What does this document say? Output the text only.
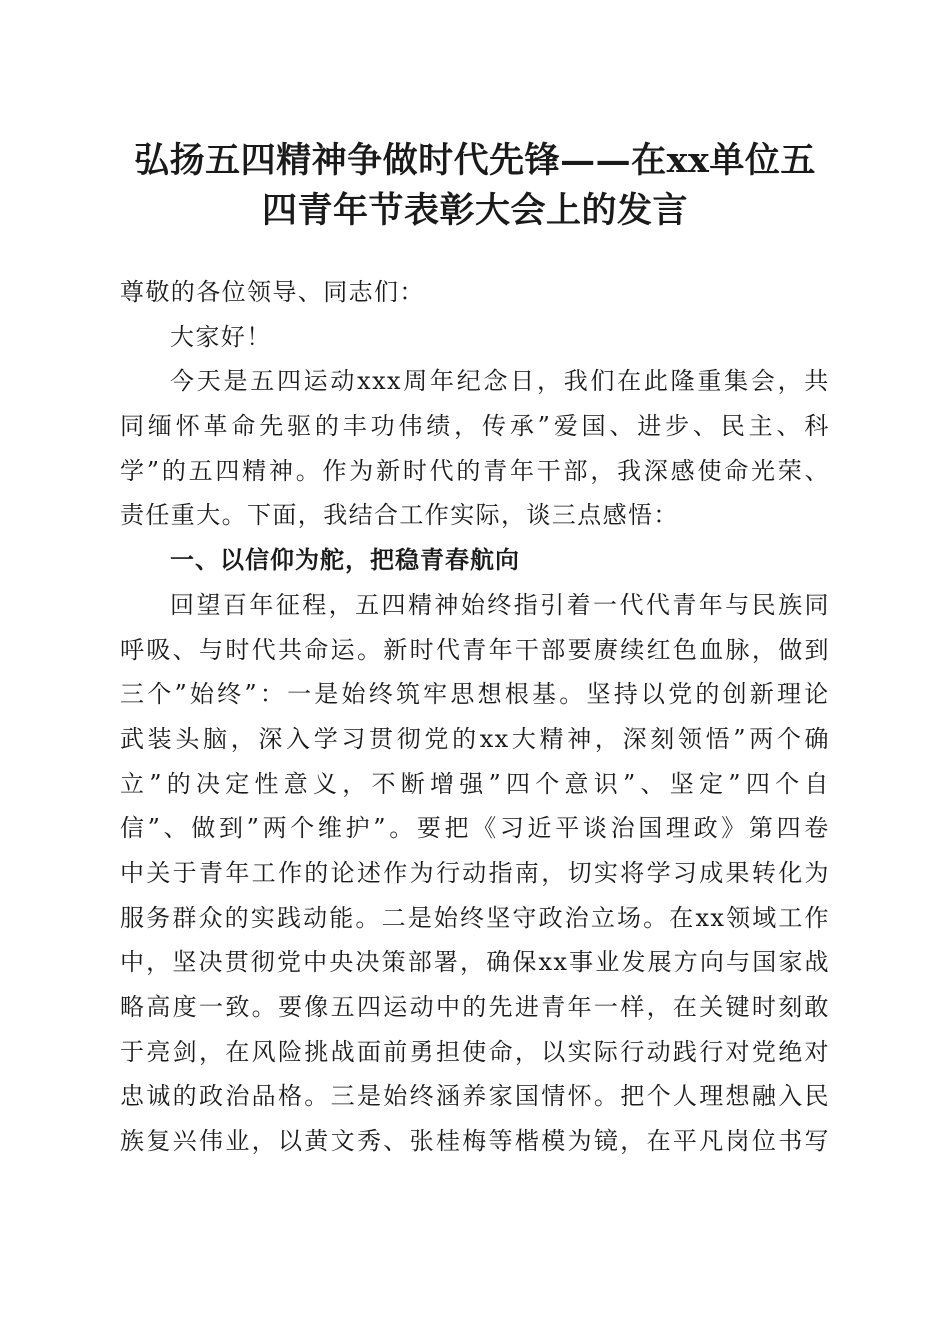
弘扬五四精神争做时代先锋——在xx单位五
四青年节表彰大会上的发言
尊敬的各位领导、同志们：
大家好！
今 天 是 五 四 运 动 xxx 周 年 纪 念 日 ， 我 们 在 此 隆 重 集 会 ， 共
同 缅 怀 革 命 先 驱 的 丰 功 伟 绩 ， 传 承 ” 爱 国 、 进 步 、 民 主 、 科
学 ” 的 五 四 精 神 。 作 为 新 时 代 的 青 年 干 部 ， 我 深 感 使 命 光 荣 、
责任重大。下面，我结合工作实际，谈三点感悟：
一、以信仰为舵，把稳青春航向
回 望 百 年 征 程 ， 五 四 精 神 始 终 指 引 着 一 代 代 青 年 与 民 族 同
呼 吸 、 与 时 代 共 命 运 。 新 时 代 青 年 干 部 要 赓 续 红 色 血 脉 ， 做 到
三 个 ” 始 终 ” ： 一 是 始 终 筑 牢 思 想 根 基 。 坚 持 以 党 的 创 新 理 论
武 装 头 脑 ， 深 入 学 习 贯 彻 党 的 xx 大 精 神 ， 深 刻 领 悟 ” 两 个 确
立 ” 的 决 定 性 意 义 ， 不 断 增 强 ” 四 个 意 识 ” 、 坚 定 ” 四 个 自
信 ” 、 做 到 ” 两 个 维 护 ” 。 要 把 《 习 近 平 谈 治 国 理 政 》 第 四 卷
中 关 于 青 年 工 作 的 论 述 作 为 行 动 指 南 ， 切 实 将 学 习 成 果 转 化 为
服 务 群 众 的 实 践 动 能 。 二 是 始 终 坚 守 政 治 立 场 。 在 xx 领 域 工 作
中 ， 坚 决 贯 彻 党 中 央 决 策 部 署 ， 确 保 xx 事 业 发 展 方 向 与 国 家 战
略 高 度 一 致 。 要 像 五 四 运 动 中 的 先 进 青 年 一 样 ， 在 关 键 时 刻 敢
于 亮 剑 ， 在 风 险 挑 战 面 前 勇 担 使 命 ， 以 实 际 行 动 践 行 对 党 绝 对
忠 诚 的 政 治 品 格 。 三 是 始 终 涵 养 家 国 情 怀 。 把 个 人 理 想 融 入 民
族 复 兴 伟 业 ， 以 黄 文 秀 、 张 桂 梅 等 楷 模 为 镜 ， 在 平 凡 岗 位 书 写
